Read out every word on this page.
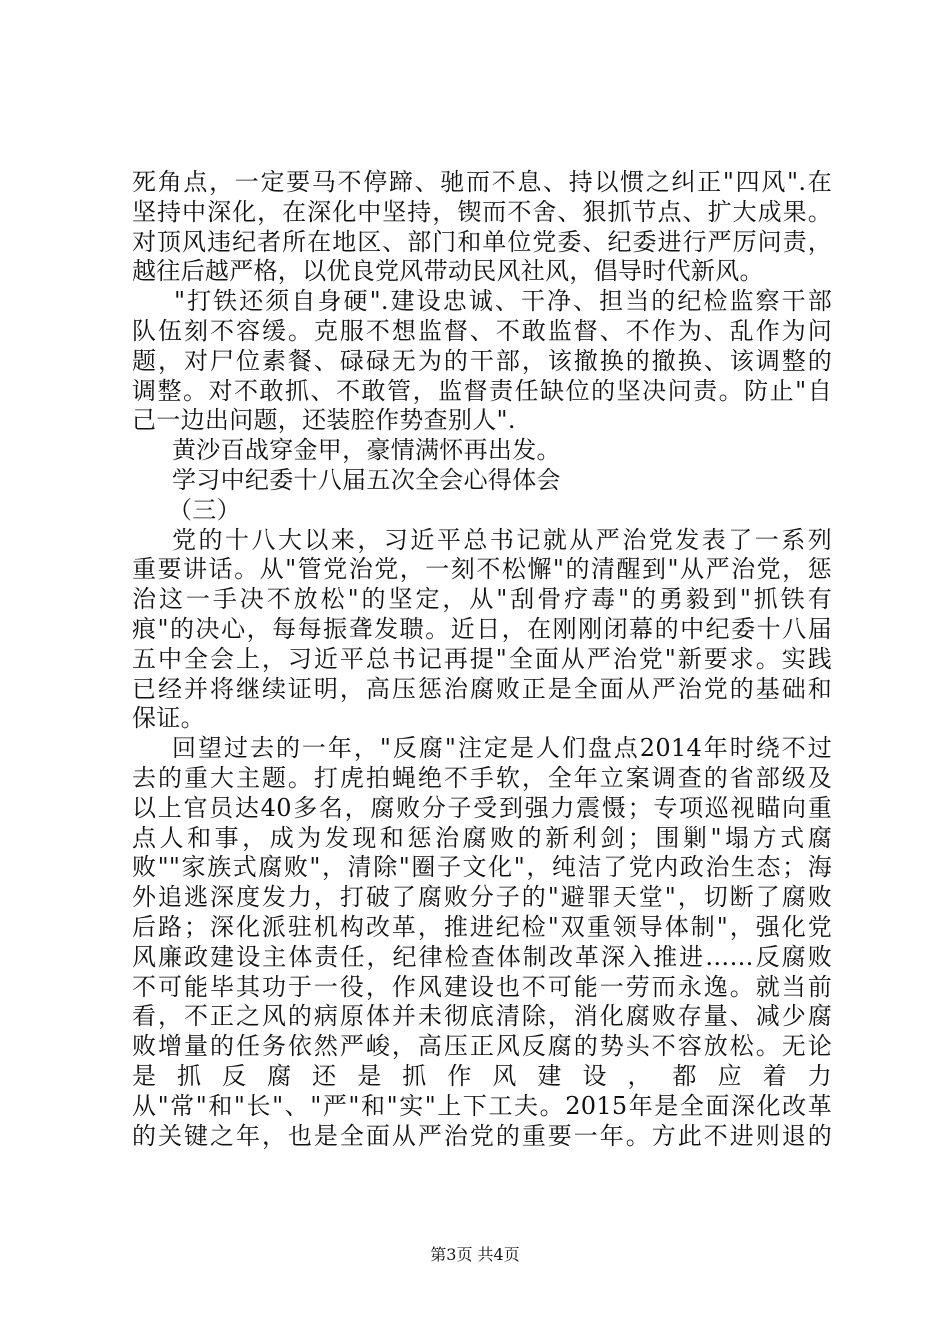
死角点，一定要马不停蹄、驰而不息、持以惯之纠正"四风".在
坚持中深化，在深化中坚持，锲而不舍、狠抓节点、扩大成果。
对顶风违纪者所在地区、部门和单位党委、纪委进行严厉问责，
越往后越严格，以优良党风带动民风社风，倡导时代新风。
"打铁还须自身硬".建设忠诚、干净、担当的纪检监察干部
队伍刻不容缓。克服不想监督、不敢监督、不作为、乱作为问
题，对尸位素餐、碌碌无为的干部，该撤换的撤换、该调整的
调整。对不敢抓、不敢管，监督责任缺位的坚决问责。防止"自
己一边出问题，还装腔作势查别人".
黄沙百战穿金甲，豪情满怀再出发。
学习中纪委十八届五次全会心得体会
（三）
党的十八大以来，习近平总书记就从严治党发表了一系列
重要讲话。从"管党治党，一刻不松懈"的清醒到"从严治党，惩
治这一手决不放松"的坚定，从"刮骨疗毒"的勇毅到"抓铁有
痕"的决心，每每振聋发聩。近日，在刚刚闭幕的中纪委十八届
五中全会上，习近平总书记再提"全面从严治党"新要求。实践
已经并将继续证明，高压惩治腐败正是全面从严治党的基础和
保证。
回望过去的一年，"反腐"注定是人们盘点2014年时绕不过
去的重大主题。打虎拍蝇绝不手软，全年立案调查的省部级及
以上官员达40多名，腐败分子受到强力震慑；专项巡视瞄向重
点人和事，成为发现和惩治腐败的新利剑；围剿"塌方式腐
败""家族式腐败"，清除"圈子文化"，纯洁了党内政治生态；海
外追逃深度发力，打破了腐败分子的"避罪天堂"，切断了腐败
后路；深化派驻机构改革，推进纪检"双重领导体制"，强化党
风廉政建设主体责任，纪律检查体制改革深入推进……反腐败
不可能毕其功于一役，作风建设也不可能一劳而永逸。就当前
看，不正之风的病原体并未彻底清除，消化腐败存量、减少腐
败增量的任务依然严峻，高压正风反腐的势头不容放松。无论
是 抓 反 腐 还 是 抓 作 风 建 设 ， 都 应 着 力
从"常"和"长"、"严"和"实"上下工夫。2015年是全面深化改革
的关键之年，也是全面从严治党的重要一年。方此不进则退的
第3页 共4页
